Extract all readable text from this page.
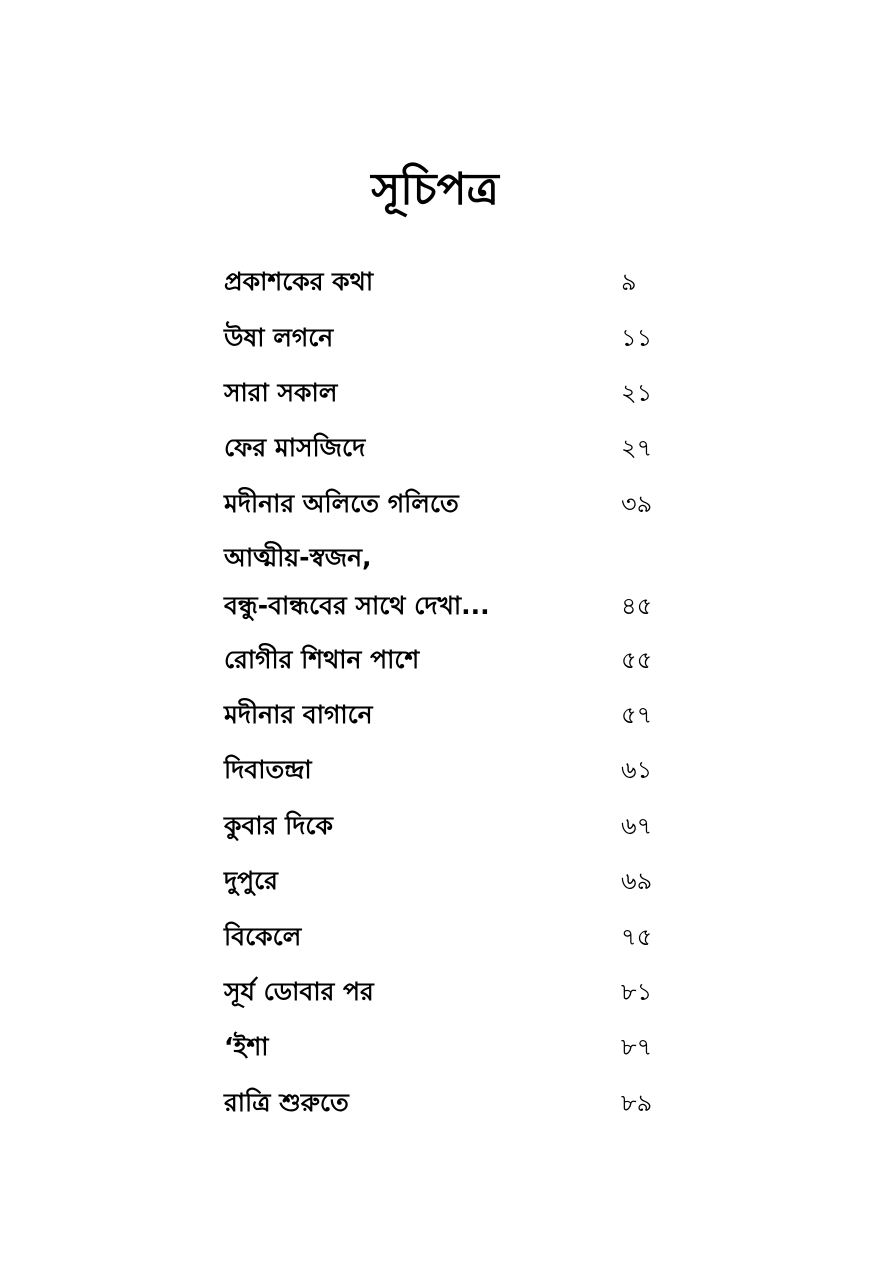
সূচিপত্র
প্রকাশকের কথা	৯
উষা লগনে	১১
সারা সকাল	২১
ফের মাসজিদে	২৭
মদীনার অলিতে গলিতে	৩৯
আত্মীয়-স্বজন,
বন্ধু-বান্ধবের সাথে দেখা...	৪৫
রোগীর শিথান পাশে	৫৫
মদীনার বাগানে	৫৭
দিবাতন্দ্রা	৬১
কুবার দিকে	৬৭
দুপুরে	৬৯
বিকেলে	৭৫
সূর্য ডোবার পর	৮১
‘ইশা	৮৭
রাত্রি শুরুতে	৮৯
